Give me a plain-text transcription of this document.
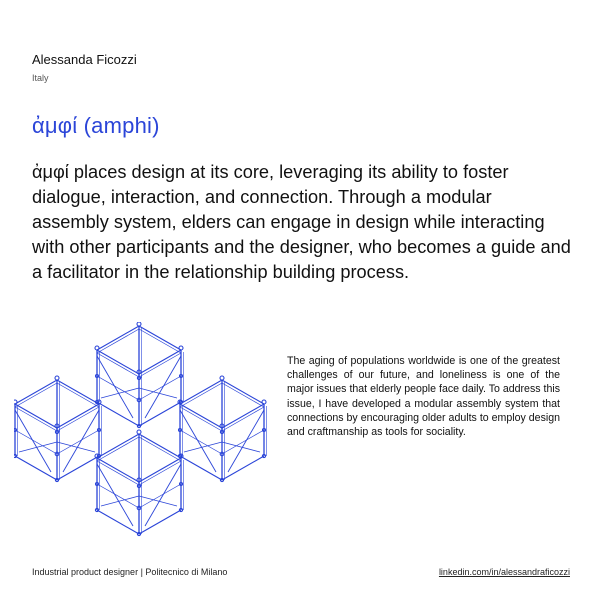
Alessanda Ficozzi
Italy
ἀμφί (amphi)
ἀμφί places design at its core, leveraging its ability to foster dialogue, interaction, and connection. Through a modular assembly system, elders can engage in design while interacting with other participants and the designer, who becomes a guide and a facilitator in the relationship building process.
The aging of populations worldwide is one of the greatest challenges of our future, and loneliness is one of the major issues that elderly people face daily. To address this issue, I have developed a modular assembly system that connections by encouraging older adults to employ design and craftmanship as tools for sociality.
Industrial product designer | Politecnico di Milano	linkedin.com/in/alessandraficozzi
